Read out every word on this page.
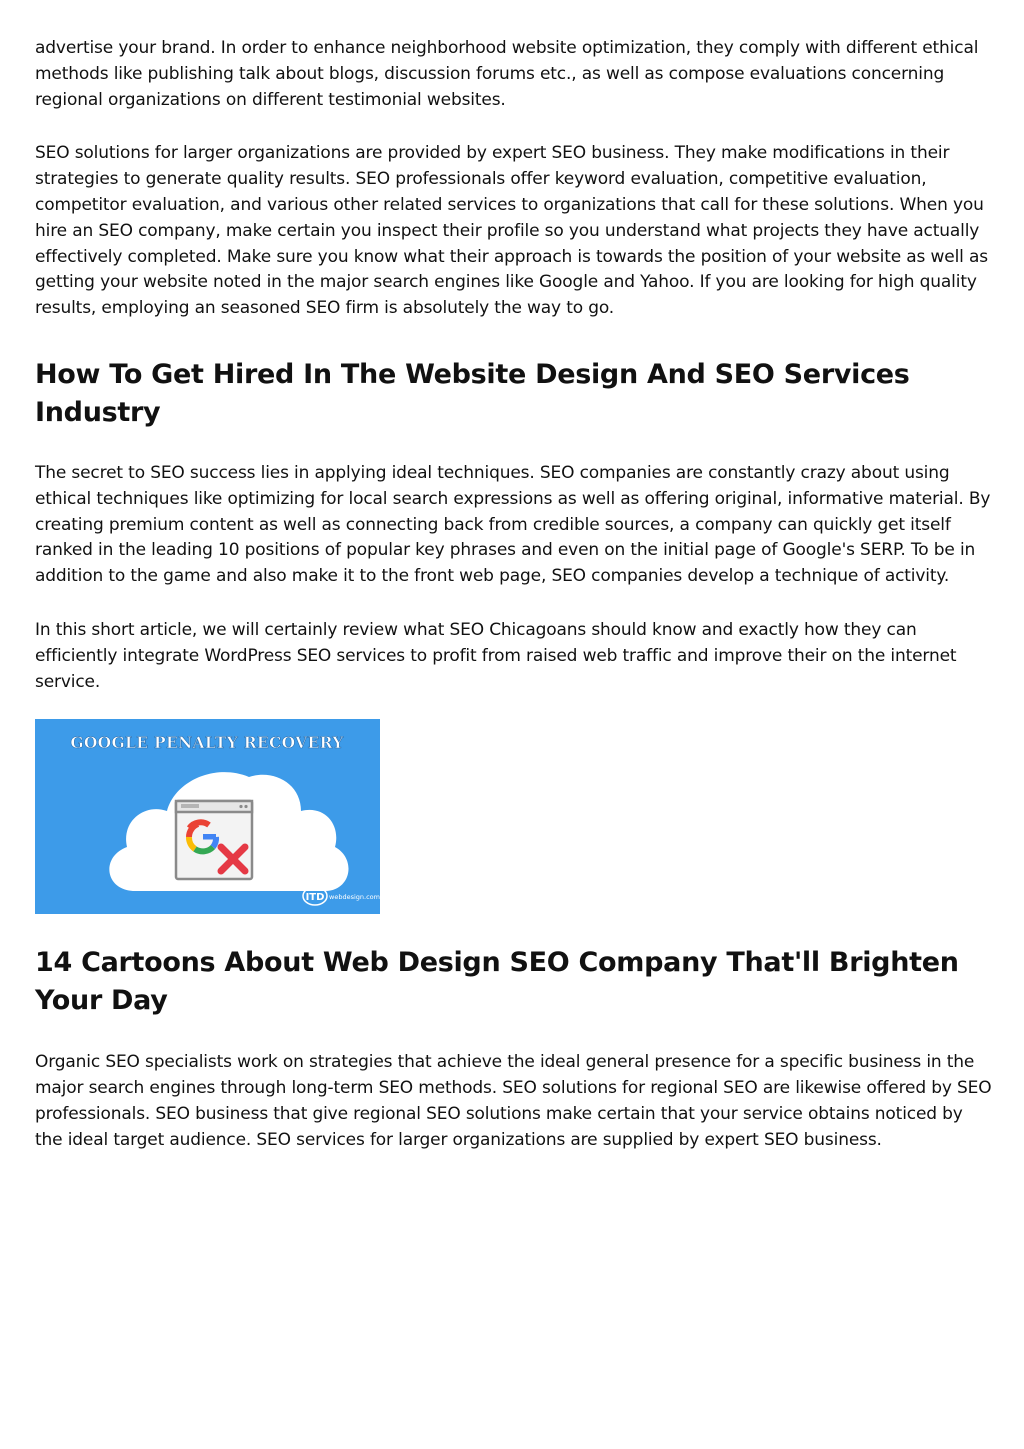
advertise your brand. In order to enhance neighborhood website optimization, they comply with different ethical methods like publishing talk about blogs, discussion forums etc., as well as compose evaluations concerning regional organizations on different testimonial websites.

SEO solutions for larger organizations are provided by expert SEO business. They make modifications in their strategies to generate quality results. SEO professionals offer keyword evaluation, competitive evaluation, competitor evaluation, and various other related services to organizations that call for these solutions. When you hire an SEO company, make certain you inspect their profile so you understand what projects they have actually effectively completed. Make sure you know what their approach is towards the position of your website as well as getting your website noted in the major search engines like Google and Yahoo. If you are looking for high quality results, employing an seasoned SEO firm is absolutely the way to go.

How To Get Hired In The Website Design And SEO Services Industry

The secret to SEO success lies in applying ideal techniques. SEO companies are constantly crazy about using ethical techniques like optimizing for local search expressions as well as offering original, informative material. By creating premium content as well as connecting back from credible sources, a company can quickly get itself ranked in the leading 10 positions of popular key phrases and even on the initial page of Google's SERP. To be in addition to the game and also make it to the front web page, SEO companies develop a technique of activity.

In this short article, we will certainly review what SEO Chicagoans should know and exactly how they can efficiently integrate WordPress SEO services to profit from raised web traffic and improve their on the internet service.

GOOGLE PENALTY RECOVERY
ITD webdesign.com
14 Cartoons About Web Design SEO Company That'll Brighten Your Day

Organic SEO specialists work on strategies that achieve the ideal general presence for a specific business in the major search engines through long-term SEO methods. SEO solutions for regional SEO are likewise offered by SEO professionals. SEO business that give regional SEO solutions make certain that your service obtains noticed by the ideal target audience. SEO services for larger organizations are supplied by expert SEO business.
